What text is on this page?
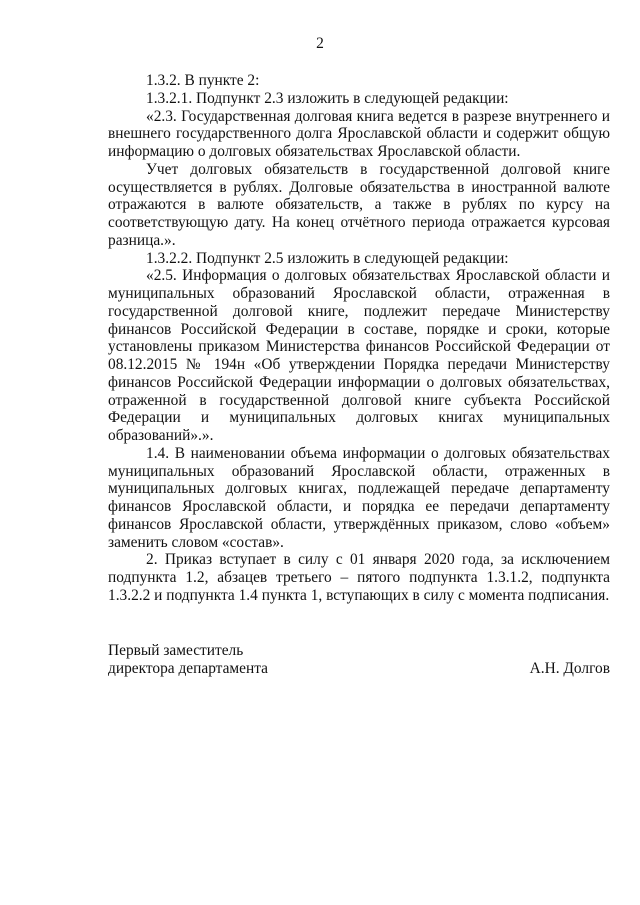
2

1.3.2. В пункте 2:

1.3.2.1. Подпункт 2.3 изложить в следующей редакции:

«2.3. Государственная долговая книга ведется в разрезе внутреннего и внешнего государственного долга Ярославской области и содержит общую информацию о долговых обязательствах Ярославской области.

Учет долговых обязательств в государственной долговой книге осуществляется в рублях. Долговые обязательства в иностранной валюте отражаются в валюте обязательств, а также в рублях по курсу на соответствующую дату. На конец отчётного периода отражается курсовая разница.».

1.3.2.2. Подпункт 2.5 изложить в следующей редакции:

«2.5. Информация о долговых обязательствах Ярославской области и муниципальных образований Ярославской области, отраженная в государственной долговой книге, подлежит передаче Министерству финансов Российской Федерации в составе, порядке и сроки, которые установлены приказом Министерства финансов Российской Федерации от 08.12.2015 № 194н «Об утверждении Порядка передачи Министерству финансов Российской Федерации информации о долговых обязательствах, отраженной в государственной долговой книге субъекта Российской Федерации и муниципальных долговых книгах муниципальных образований».».

1.4. В наименовании объема информации о долговых обязательствах муниципальных образований Ярославской области, отраженных в муниципальных долговых книгах, подлежащей передаче департаменту финансов Ярославской области, и порядка ее передачи департаменту финансов Ярославской области, утверждённых приказом, слово «объем» заменить словом «состав».

2. Приказ вступает в силу с 01 января 2020 года, за исключением подпункта 1.2, абзацев третьего – пятого подпункта 1.3.1.2, подпункта 1.3.2.2 и подпункта 1.4 пункта 1, вступающих в силу с момента подписания.

Первый заместитель
директора департамента	А.Н. Долгов
